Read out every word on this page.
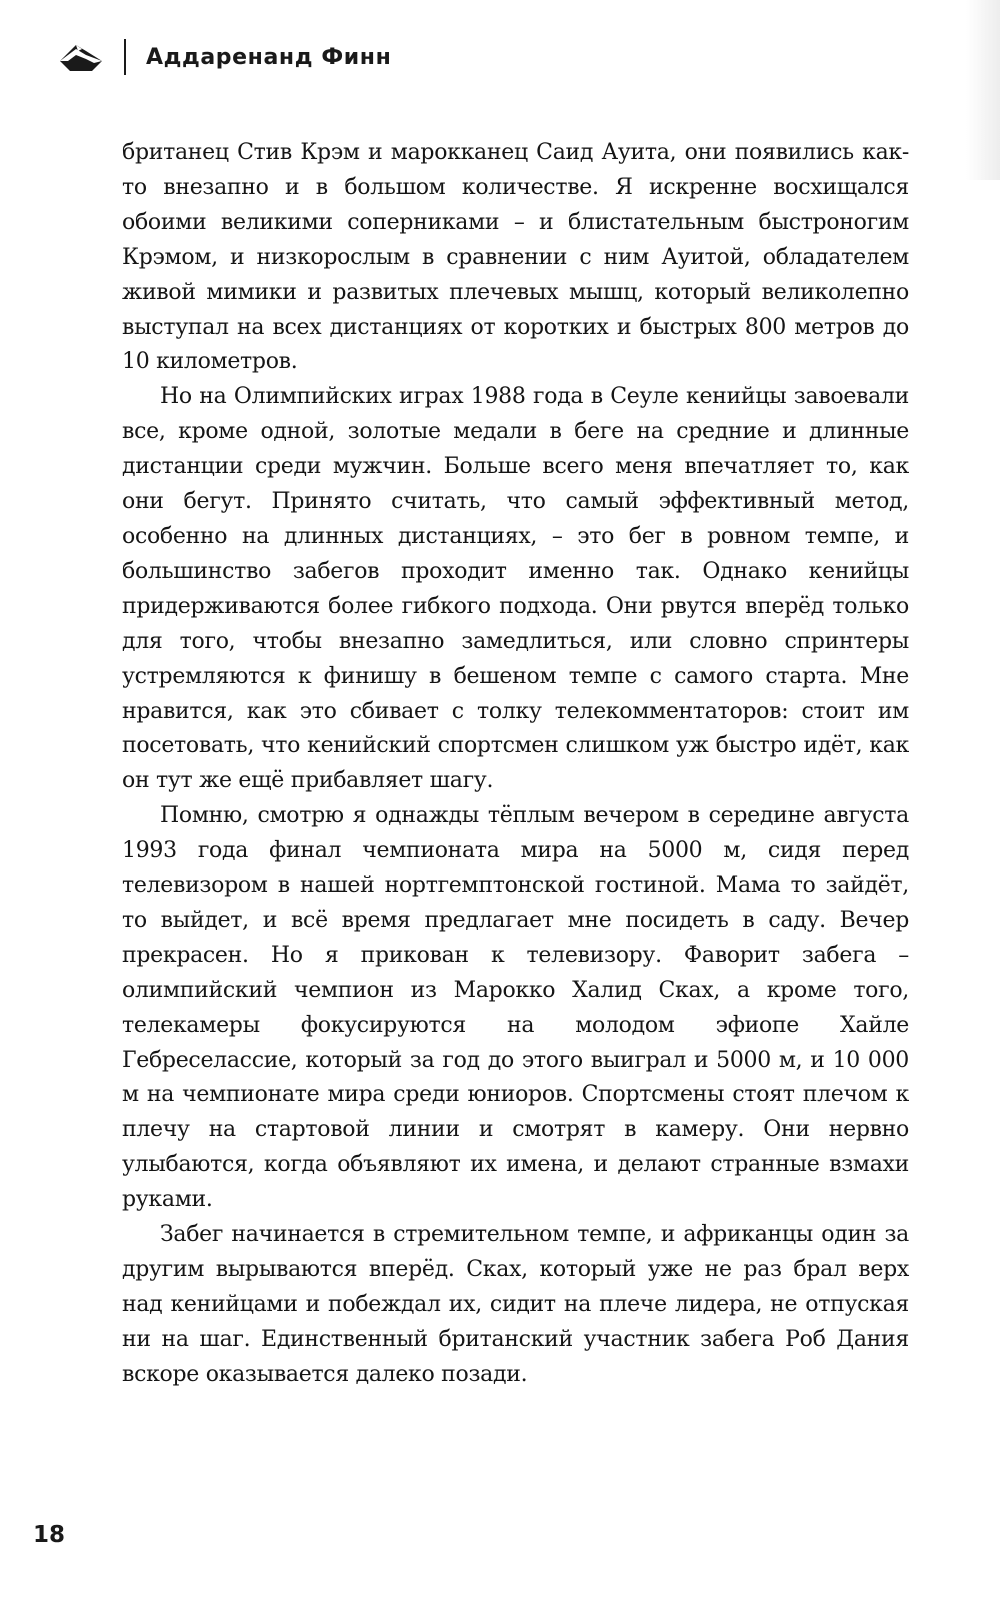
Аддаренанд Финн

британец Стив Крэм и марокканец Саид Ауита, они появились как-то внезапно и в большом количестве. Я искренне восхищался обоими великими соперниками – и блистательным быстроногим Крэмом, и низкорослым в сравнении с ним Ауитой, обладателем живой мимики и развитых плечевых мышц, который великолепно выступал на всех дистанциях от коротких и быстрых 800 метров до 10 километров.

Но на Олимпийских играх 1988 года в Сеуле кенийцы завоевали все, кроме одной, золотые медали в беге на средние и длинные дистанции среди мужчин. Больше всего меня впечатляет то, как они бегут. Принято считать, что самый эффективный метод, особенно на длинных дистанциях, – это бег в ровном темпе, и большинство забегов проходит именно так. Однако кенийцы придерживаются более гибкого подхода. Они рвутся вперёд только для того, чтобы внезапно замедлиться, или словно спринтеры устремляются к финишу в бешеном темпе с самого старта. Мне нравится, как это сбивает с толку телекомментаторов: стоит им посетовать, что кенийский спортсмен слишком уж быстро идёт, как он тут же ещё прибавляет шагу.

Помню, смотрю я однажды тёплым вечером в середине августа 1993 года финал чемпионата мира на 5000 м, сидя перед телевизором в нашей нортгемптонской гостиной. Мама то зайдёт, то выйдет, и всё время предлагает мне посидеть в саду. Вечер прекрасен. Но я прикован к телевизору. Фаворит забега – олимпийский чемпион из Марокко Халид Сках, а кроме того, телекамеры фокусируются на молодом эфиопе Хайле Гебреселассие, который за год до этого выиграл и 5000 м, и 10 000 м на чемпионате мира среди юниоров. Спортсмены стоят плечом к плечу на стартовой линии и смотрят в камеру. Они нервно улыбаются, когда объявляют их имена, и делают странные взмахи руками.

Забег начинается в стремительном темпе, и африканцы один за другим вырываются вперёд. Сках, который уже не раз брал верх над кенийцами и побеждал их, сидит на плече лидера, не отпуская ни на шаг. Единственный британский участник забега Роб Дания вскоре оказывается далеко позади.

18
